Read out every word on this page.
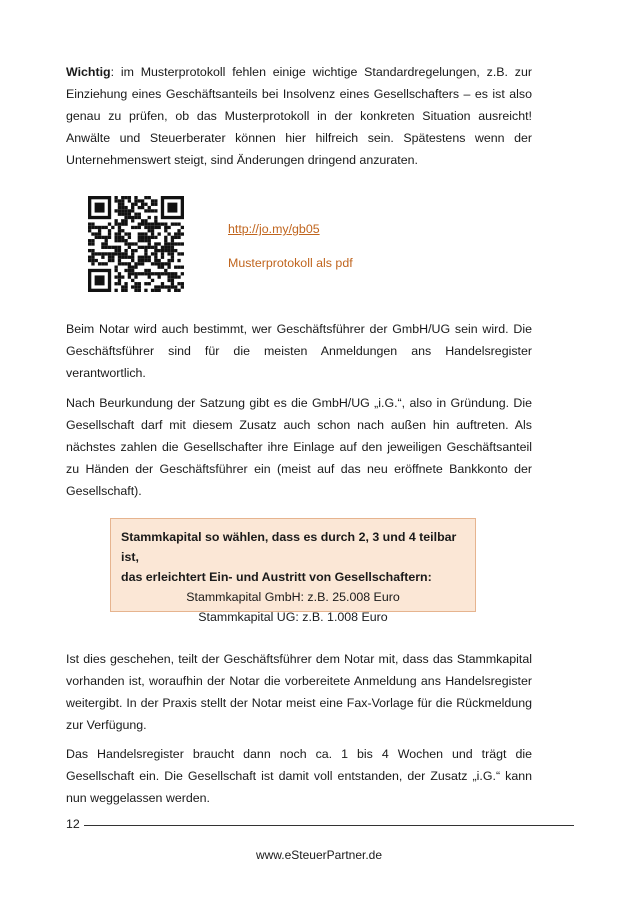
Wichtig: im Musterprotokoll fehlen einige wichtige Standardregelungen, z.B. zur Einziehung eines Geschäftsanteils bei Insolvenz eines Gesellschafters – es ist also genau zu prüfen, ob das Musterprotokoll in der konkreten Situation ausreicht! Anwälte und Steuerberater können hier hilfreich sein. Spätestens wenn der Unternehmenswert steigt, sind Änderungen dringend anzuraten.
http://jo.my/gb05
Musterprotokoll als pdf
Beim Notar wird auch bestimmt, wer Geschäftsführer der GmbH/UG sein wird. Die Geschäftsführer sind für die meisten Anmeldungen ans Handelsregister verantwortlich.
Nach Beurkundung der Satzung gibt es die GmbH/UG „i.G.“, also in Gründung. Die Gesellschaft darf mit diesem Zusatz auch schon nach außen hin auftreten. Als nächstes zahlen die Gesellschafter ihre Einlage auf den jeweiligen Geschäftsanteil zu Händen der Geschäftsführer ein (meist auf das neu eröffnete Bankkonto der Gesellschaft).
Stammkapital so wählen, dass es durch 2, 3 und 4 teilbar ist,
das erleichtert Ein- und Austritt von Gesellschaftern:
Stammkapital GmbH: z.B. 25.008 Euro
Stammkapital UG: z.B. 1.008 Euro
Ist dies geschehen, teilt der Geschäftsführer dem Notar mit, dass das Stammkapital vorhanden ist, woraufhin der Notar die vorbereitete Anmeldung ans Handelsregister weitergibt. In der Praxis stellt der Notar meist eine Fax-Vorlage für die Rückmeldung zur Verfügung.
Das Handelsregister braucht dann noch ca. 1 bis 4 Wochen und trägt die Gesellschaft ein. Die Gesellschaft ist damit voll entstanden, der Zusatz „i.G.“ kann nun weggelassen werden.
12
www.eSteuerPartner.de
